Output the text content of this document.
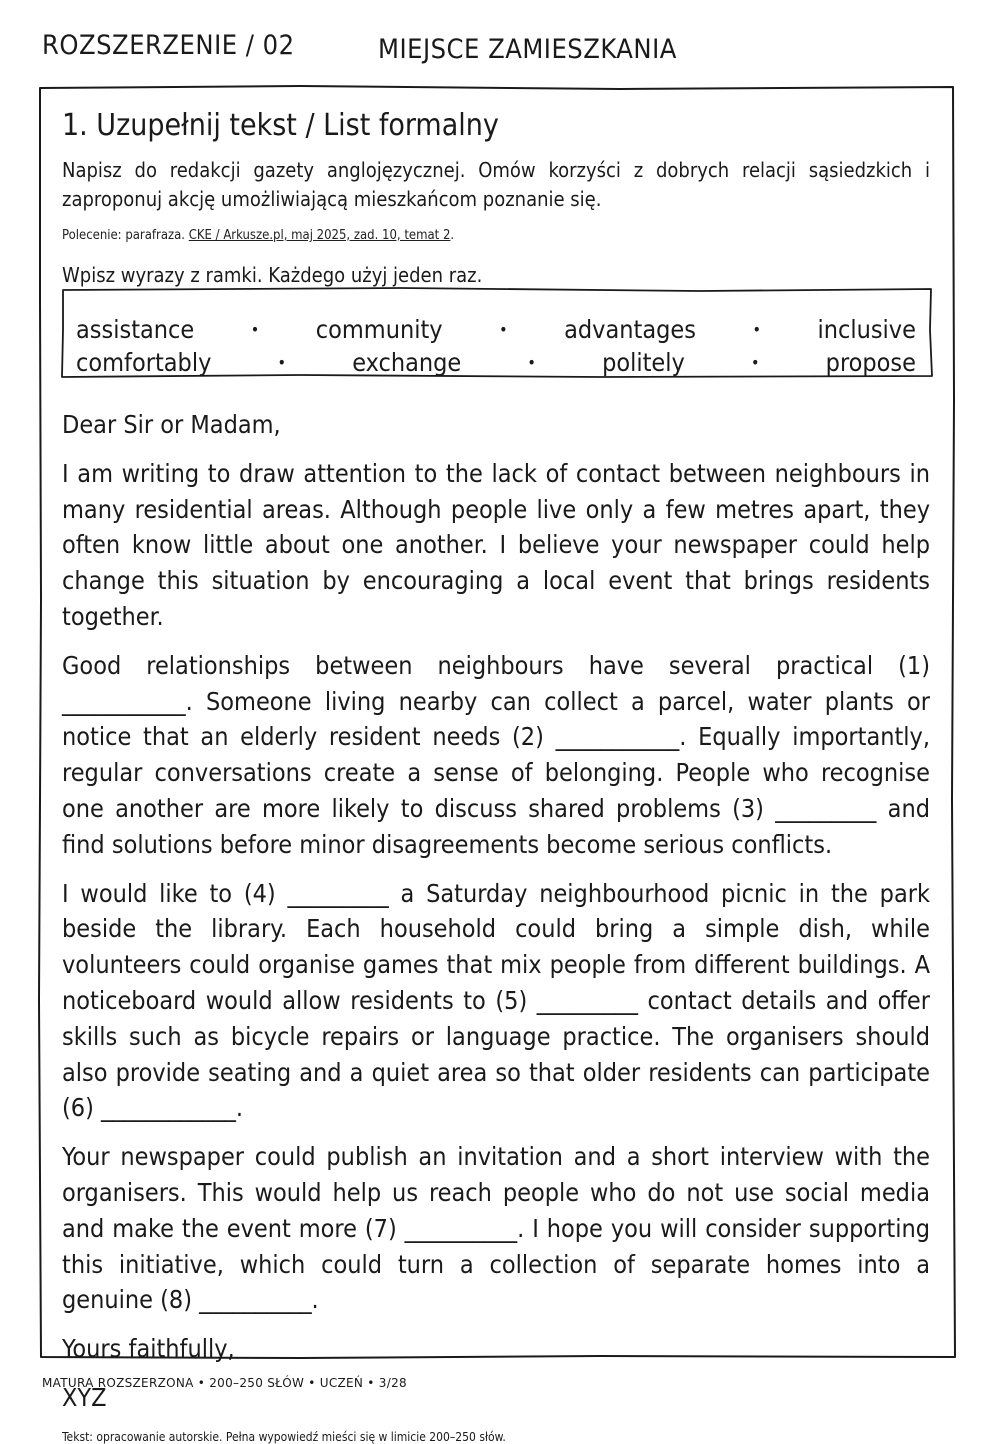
ROZSZERZENIE / 02	MIEJSCE ZAMIESZKANIA
1. Uzupełnij tekst / List formalny

Napisz do redakcji gazety anglojęzycznej. Omów korzyści z dobrych relacji sąsiedzkich i zaproponuj akcję umożliwiającą mieszkańcom poznanie się.

Polecenie: parafraza. CKE / Arkusze.pl, maj 2025, zad. 10, temat 2.

Wpisz wyrazy z ramki. Każdego użyj jeden raz.

assistance	• community	• advantages	• inclusive
comfortably	•	exchange	•	politely	•	propose

Dear Sir or Madam,

I am writing to draw attention to the lack of contact between neighbours in many residential areas. Although people live only a few metres apart, they often know little about one another. I believe your newspaper could help change this situation by encouraging a local event that brings residents together.

Good relationships between neighbours have several practical (1) ___________. Someone living nearby can collect a parcel, water plants or notice that an elderly resident needs (2) ___________. Equally importantly, regular conversations create a sense of belonging. People who recognise one another are more likely to discuss shared problems (3) _________ and find solutions before minor disagreements become serious conflicts.

I would like to (4) _________ a Saturday neighbourhood picnic in the park beside the library. Each household could bring a simple dish, while volunteers could organise games that mix people from different buildings. A noticeboard would allow residents to (5) _________ contact details and offer skills such as bicycle repairs or language practice. The organisers should also provide seating and a quiet area so that older residents can participate (6) ____________.

Your newspaper could publish an invitation and a short interview with the organisers. This would help us reach people who do not use social media and make the event more (7) __________. I hope you will consider supporting this initiative, which could turn a collection of separate homes into a genuine (8) __________.

Yours faithfully,

XYZ

Tekst: opracowanie autorskie. Pełna wypowiedź mieści się w limicie 200–250 słów.
MATURA ROZSZERZONA • 200–250 SŁÓW • UCZEŃ • 3/28
